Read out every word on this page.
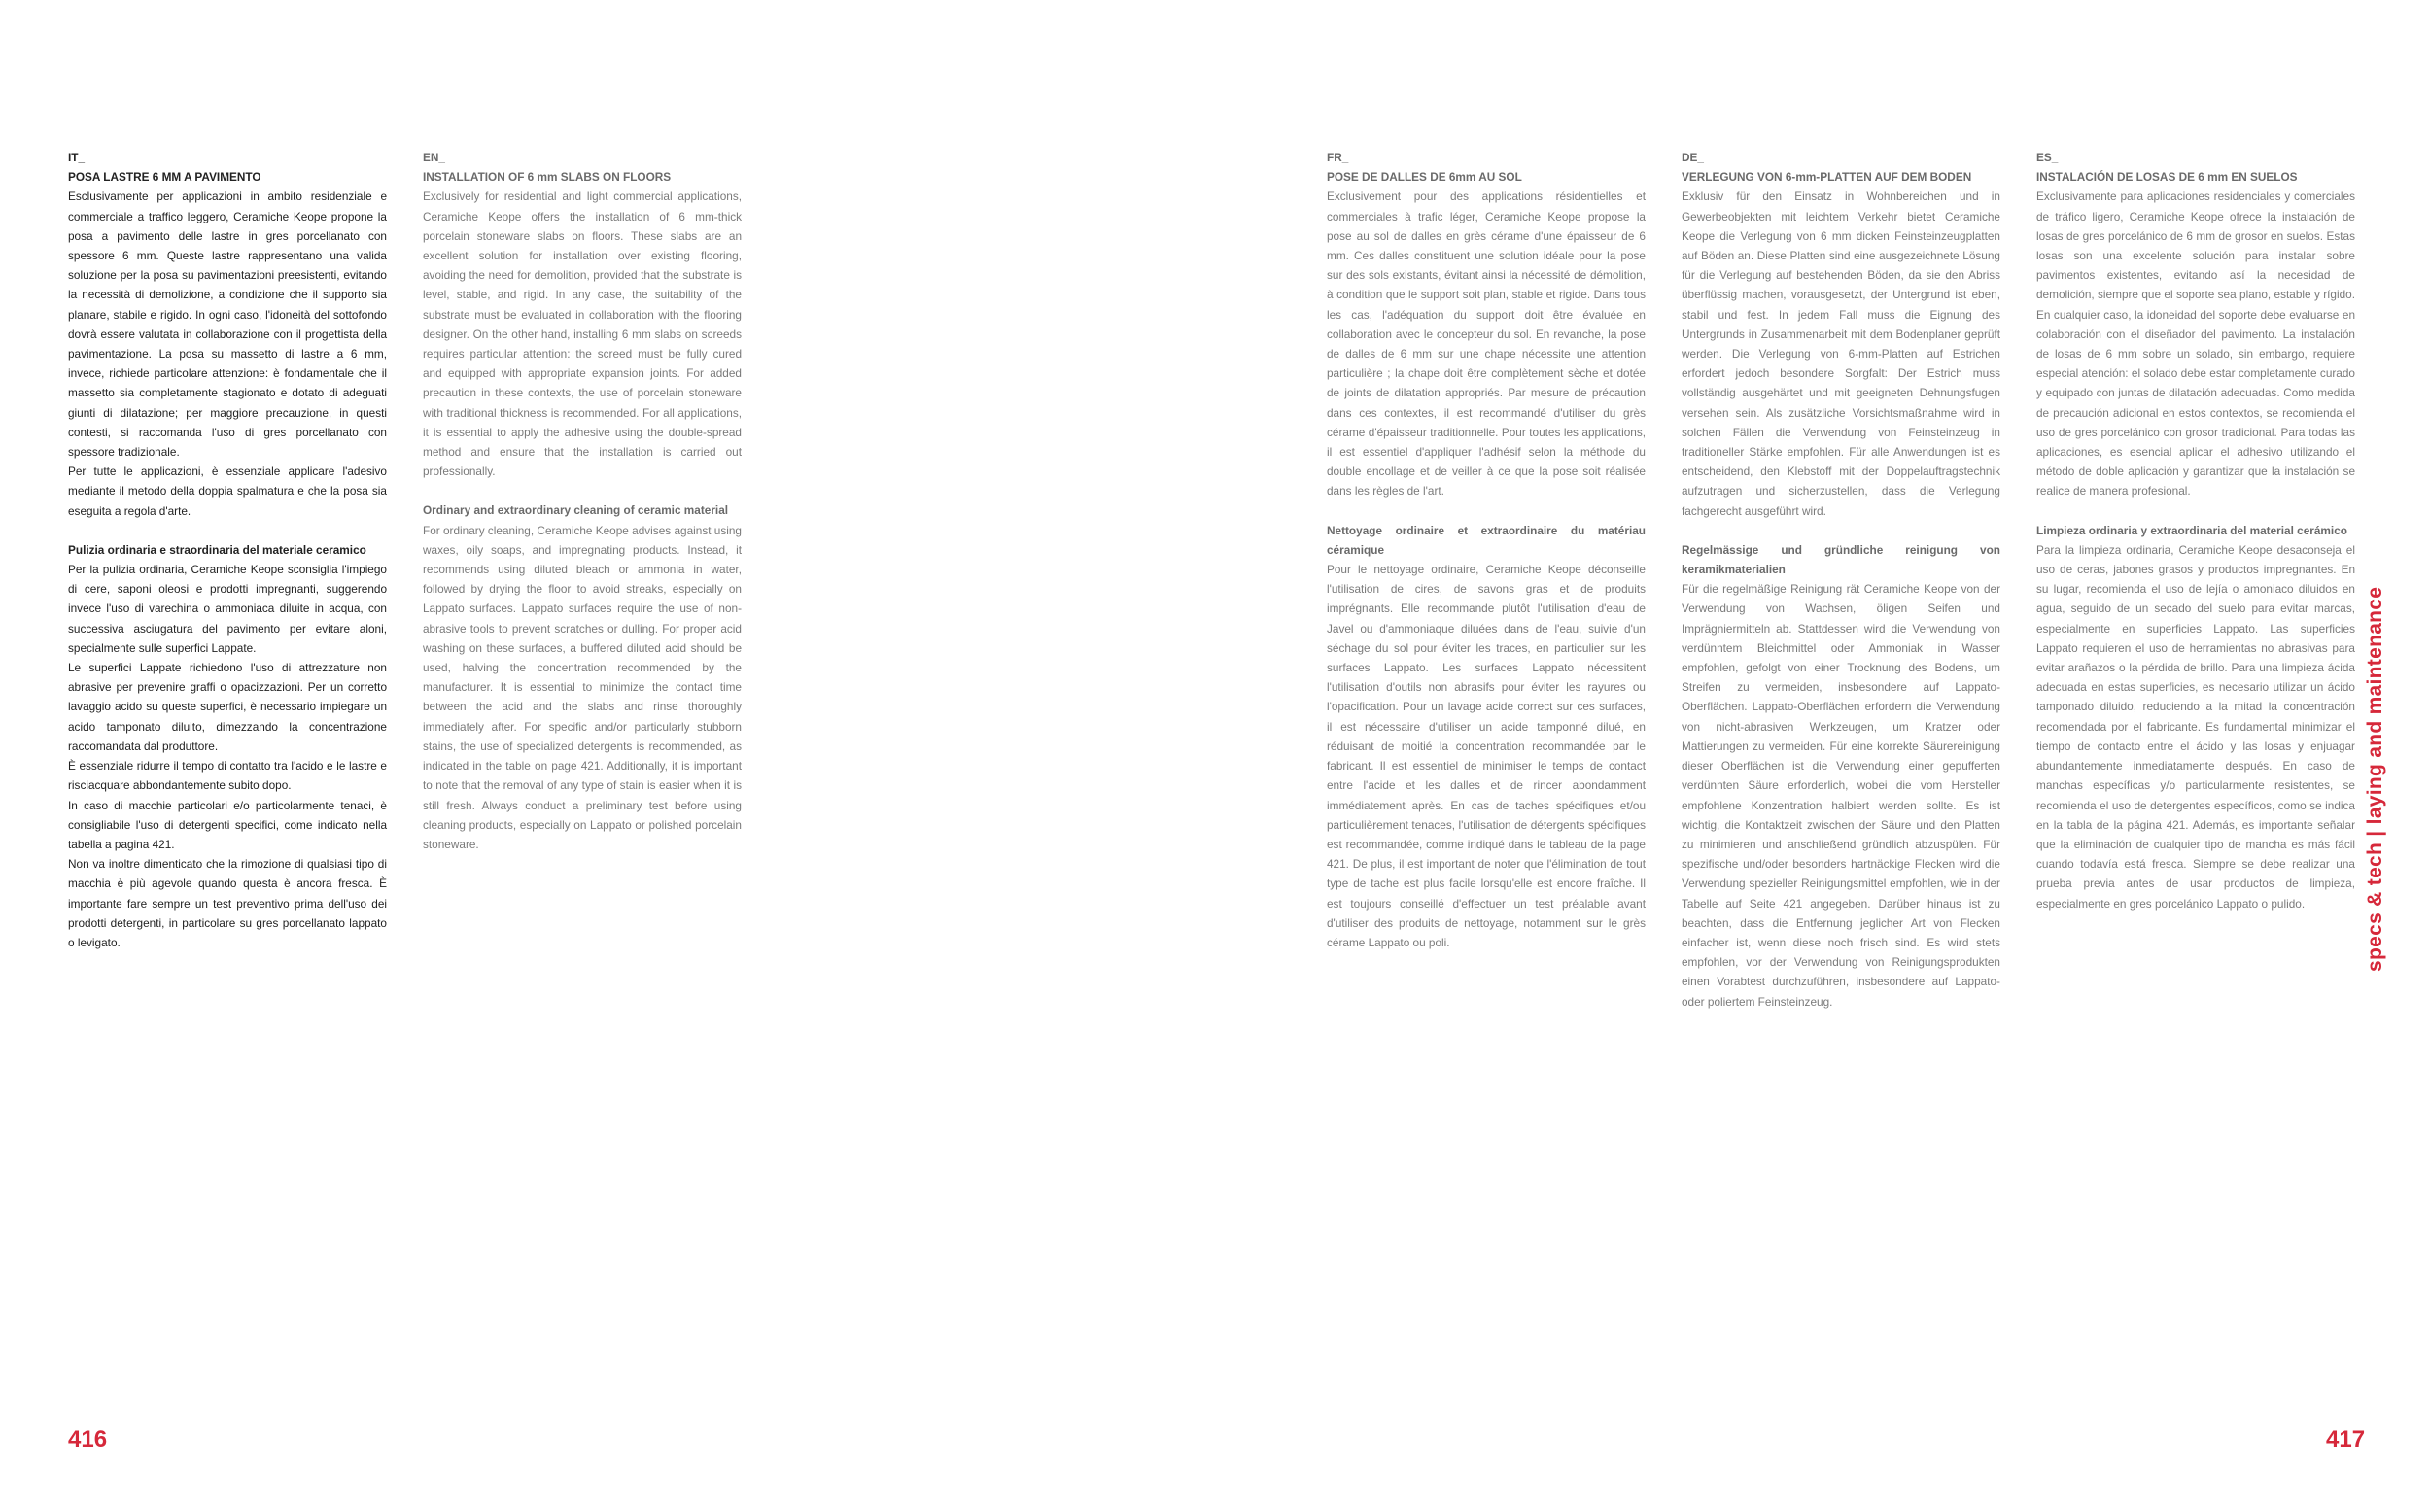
IT_
POSA LASTRE 6 MM A PAVIMENTO

Esclusivamente per applicazioni in ambito residenziale e commerciale a traffico leggero, Ceramiche Keope propone la posa a pavimento delle lastre in gres porcellanato con spessore 6 mm. Queste lastre rappresentano una valida soluzione per la posa su pavimentazioni preesistenti, evitando la necessità di demolizione, a condizione che il supporto sia planare, stabile e rigido. In ogni caso, l'idoneità del sottofondo dovrà essere valutata in collaborazione con il progettista della pavimentazione. La posa su massetto di lastre a 6 mm, invece, richiede particolare attenzione: è fondamentale che il massetto sia completamente stagionato e dotato di adeguati giunti di dilatazione; per maggiore precauzione, in questi contesti, si raccomanda l'uso di gres porcellanato con spessore tradizionale.

Per tutte le applicazioni, è essenziale applicare l'adesivo mediante il metodo della doppia spalmatura e che la posa sia eseguita a regola d'arte.

Pulizia ordinaria e straordinaria del materiale ceramico

Per la pulizia ordinaria, Ceramiche Keope sconsiglia l'impiego di cere, saponi oleosi e prodotti impregnanti, suggerendo invece l'uso di varechina o ammoniaca diluite in acqua, con successiva asciugatura del pavimento per evitare aloni, specialmente sulle superfici Lappate.

Le superfici Lappate richiedono l'uso di attrezzature non abrasive per prevenire graffi o opacizzazioni. Per un corretto lavaggio acido su queste superfici, è necessario impiegare un acido tamponato diluito, dimezzando la concentrazione raccomandata dal produttore.

È essenziale ridurre il tempo di contatto tra l'acido e le lastre e risciacquare abbondantemente subito dopo.

In caso di macchie particolari e/o particolarmente tenaci, è consigliabile l'uso di detergenti specifici, come indicato nella tabella a pagina 421.

Non va inoltre dimenticato che la rimozione di qualsiasi tipo di macchia è più agevole quando questa è ancora fresca. È importante fare sempre un test preventivo prima dell'uso dei prodotti detergenti, in particolare su gres porcellanato lappato o levigato.

EN_
INSTALLATION OF 6 mm SLABS ON FLOORS

Exclusively for residential and light commercial applications, Ceramiche Keope offers the installation of 6 mm-thick porcelain stoneware slabs on floors. These slabs are an excellent solution for installation over existing flooring, avoiding the need for demolition, provided that the substrate is level, stable, and rigid. In any case, the suitability of the substrate must be evaluated in collaboration with the flooring designer. On the other hand, installing 6 mm slabs on screeds requires particular attention: the screed must be fully cured and equipped with appropriate expansion joints. For added precaution in these contexts, the use of porcelain stoneware with traditional thickness is recommended. For all applications, it is essential to apply the adhesive using the double-spread method and ensure that the installation is carried out professionally.

Ordinary and extraordinary cleaning of ceramic material

For ordinary cleaning, Ceramiche Keope advises against using waxes, oily soaps, and impregnating products. Instead, it recommends using diluted bleach or ammonia in water, followed by drying the floor to avoid streaks, especially on Lappato surfaces. Lappato surfaces require the use of non-abrasive tools to prevent scratches or dulling. For proper acid washing on these surfaces, a buffered diluted acid should be used, halving the concentration recommended by the manufacturer. It is essential to minimize the contact time between the acid and the slabs and rinse thoroughly immediately after. For specific and/or particularly stubborn stains, the use of specialized detergents is recommended, as indicated in the table on page 421. Additionally, it is important to note that the removal of any type of stain is easier when it is still fresh. Always conduct a preliminary test before using cleaning products, especially on Lappato or polished porcelain stoneware.

FR_
POSE DE DALLES DE 6mm AU SOL

Exclusivement pour des applications résidentielles et commerciales à trafic léger, Ceramiche Keope propose la pose au sol de dalles en grès cérame d'une épaisseur de 6 mm. Ces dalles constituent une solution idéale pour la pose sur des sols existants, évitant ainsi la nécessité de démolition, à condition que le support soit plan, stable et rigide. Dans tous les cas, l'adéquation du support doit être évaluée en collaboration avec le concepteur du sol. En revanche, la pose de dalles de 6 mm sur une chape nécessite une attention particulière ; la chape doit être complètement sèche et dotée de joints de dilatation appropriés. Par mesure de précaution dans ces contextes, il est recommandé d'utiliser du grès cérame d'épaisseur traditionnelle. Pour toutes les applications, il est essentiel d'appliquer l'adhésif selon la méthode du double encollage et de veiller à ce que la pose soit réalisée dans les règles de l'art.

Nettoyage ordinaire et extraordinaire du matériau céramique

Pour le nettoyage ordinaire, Ceramiche Keope déconseille l'utilisation de cires, de savons gras et de produits imprégnants. Elle recommande plutôt l'utilisation d'eau de Javel ou d'ammoniaque diluées dans de l'eau, suivie d'un séchage du sol pour éviter les traces, en particulier sur les surfaces Lappato. Les surfaces Lappato nécessitent l'utilisation d'outils non abrasifs pour éviter les rayures ou l'opacification. Pour un lavage acide correct sur ces surfaces, il est nécessaire d'utiliser un acide tamponné dilué, en réduisant de moitié la concentration recommandée par le fabricant. Il est essentiel de minimiser le temps de contact entre l'acide et les dalles et de rincer abondamment immédiatement après. En cas de taches spécifiques et/ou particulièrement tenaces, l'utilisation de détergents spécifiques est recommandée, comme indiqué dans le tableau de la page 421. De plus, il est important de noter que l'élimination de tout type de tache est plus facile lorsqu'elle est encore fraîche. Il est toujours conseillé d'effectuer un test préalable avant d'utiliser des produits de nettoyage, notamment sur le grès cérame Lappato ou poli.

DE_
VERLEGUNG VON 6-mm-PLATTEN AUF DEM BODEN

Exklusiv für den Einsatz in Wohnbereichen und in Gewerbeobjekten mit leichtem Verkehr bietet Ceramiche Keope die Verlegung von 6 mm dicken Feinsteinzeugplatten auf Böden an. Diese Platten sind eine ausgezeichnete Lösung für die Verlegung auf bestehenden Böden, da sie den Abriss überflüssig machen, vorausgesetzt, der Untergrund ist eben, stabil und fest. In jedem Fall muss die Eignung des Untergrunds in Zusammenarbeit mit dem Bodenplaner geprüft werden. Die Verlegung von 6-mm-Platten auf Estrichen erfordert jedoch besondere Sorgfalt: Der Estrich muss vollständig ausgehärtet und mit geeigneten Dehnungsfugen versehen sein. Als zusätzliche Vorsichtsmaßnahme wird in solchen Fällen die Verwendung von Feinsteinzeug in traditioneller Stärke empfohlen. Für alle Anwendungen ist es entscheidend, den Klebstoff mit der Doppelauftragstechnik aufzutragen und sicherzustellen, dass die Verlegung fachgerecht ausgeführt wird.

Regelmässige und gründliche reinigung von keramikmaterialien

Für die regelmäßige Reinigung rät Ceramiche Keope von der Verwendung von Wachsen, öligen Seifen und Imprägniermitteln ab. Stattdessen wird die Verwendung von verdünntem Bleichmittel oder Ammoniak in Wasser empfohlen, gefolgt von einer Trocknung des Bodens, um Streifen zu vermeiden, insbesondere auf Lappato-Oberflächen. Lappato-Oberflächen erfordern die Verwendung von nicht-abrasiven Werkzeugen, um Kratzer oder Mattierungen zu vermeiden. Für eine korrekte Säurereinigung dieser Oberflächen ist die Verwendung einer gepufferten verdünnten Säure erforderlich, wobei die vom Hersteller empfohlene Konzentration halbiert werden sollte. Es ist wichtig, die Kontaktzeit zwischen der Säure und den Platten zu minimieren und anschließend gründlich abzuspülen. Für spezifische und/oder besonders hartnäckige Flecken wird die Verwendung spezieller Reinigungsmittel empfohlen, wie in der Tabelle auf Seite 421 angegeben. Darüber hinaus ist zu beachten, dass die Entfernung jeglicher Art von Flecken einfacher ist, wenn diese noch frisch sind. Es wird stets empfohlen, vor der Verwendung von Reinigungsprodukten einen Vorabtest durchzuführen, insbesondere auf Lappato- oder poliertem Feinsteinzeug.

ES_
INSTALACIÓN DE LOSAS DE 6 mm EN SUELOS

Exclusivamente para aplicaciones residenciales y comerciales de tráfico ligero, Ceramiche Keope ofrece la instalación de losas de gres porcelánico de 6 mm de grosor en suelos. Estas losas son una excelente solución para instalar sobre pavimentos existentes, evitando así la necesidad de demolición, siempre que el soporte sea plano, estable y rígido. En cualquier caso, la idoneidad del soporte debe evaluarse en colaboración con el diseñador del pavimento. La instalación de losas de 6 mm sobre un solado, sin embargo, requiere especial atención: el solado debe estar completamente curado y equipado con juntas de dilatación adecuadas. Como medida de precaución adicional en estos contextos, se recomienda el uso de gres porcelánico con grosor tradicional. Para todas las aplicaciones, es esencial aplicar el adhesivo utilizando el método de doble aplicación y garantizar que la instalación se realice de manera profesional.

Limpieza ordinaria y extraordinaria del material cerámico

Para la limpieza ordinaria, Ceramiche Keope desaconseja el uso de ceras, jabones grasos y productos impregnantes. En su lugar, recomienda el uso de lejía o amoniaco diluidos en agua, seguido de un secado del suelo para evitar marcas, especialmente en superficies Lappato. Las superficies Lappato requieren el uso de herramientas no abrasivas para evitar arañazos o la pérdida de brillo. Para una limpieza ácida adecuada en estas superficies, es necesario utilizar un ácido tamponado diluido, reduciendo a la mitad la concentración recomendada por el fabricante. Es fundamental minimizar el tiempo de contacto entre el ácido y las losas y enjuagar abundantemente inmediatamente después. En caso de manchas específicas y/o particularmente resistentes, se recomienda el uso de detergentes específicos, como se indica en la tabla de la página 421. Además, es importante señalar que la eliminación de cualquier tipo de mancha es más fácil cuando todavía está fresca. Siempre se debe realizar una prueba previa antes de usar productos de limpieza, especialmente en gres porcelánico Lappato o pulido.	specs & tech | laying and maintenance
416	417
